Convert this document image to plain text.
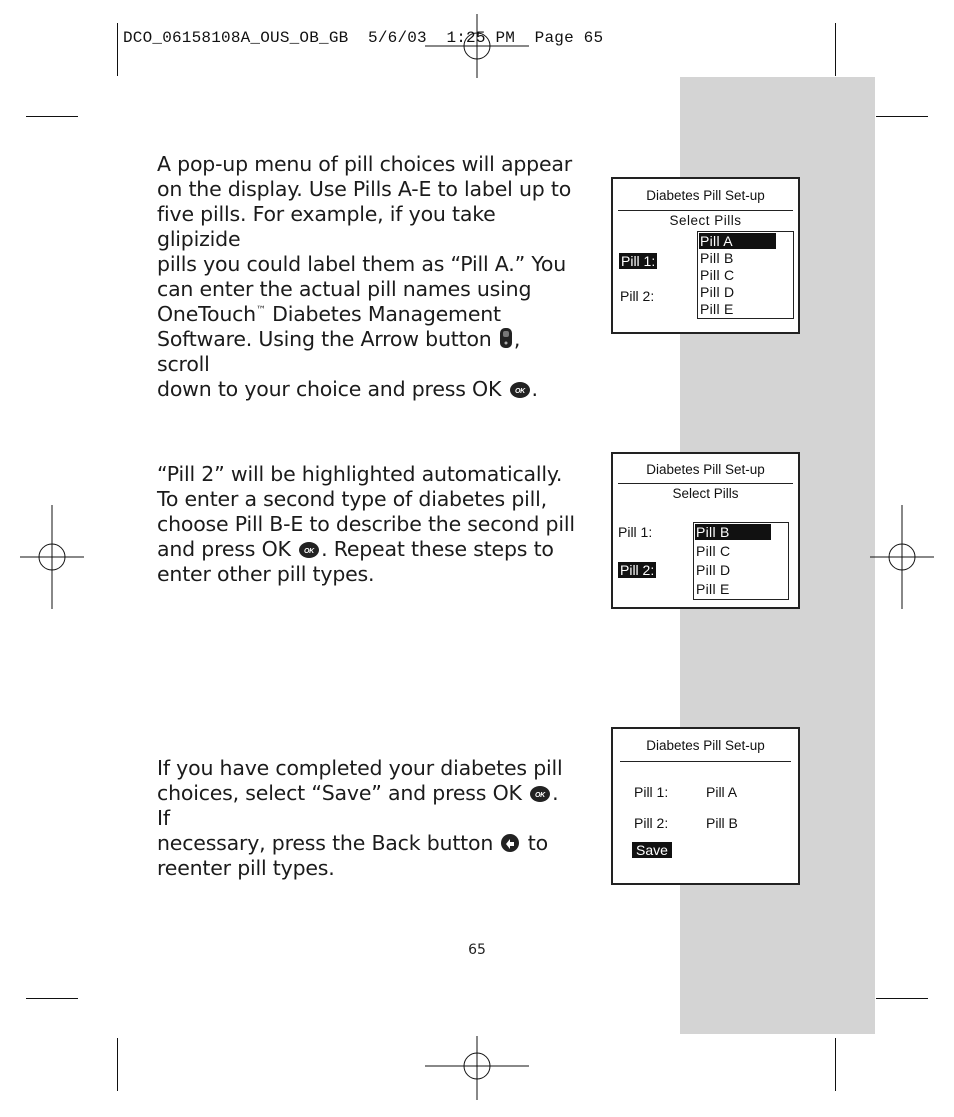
DCO_06158108A_OUS_OB_GB  5/6/03  1:25 PM  Page 65
A pop-up menu of pill choices will appear
on the display. Use Pills A-E to label up to
five pills. For example, if you take glipizide
pills you could label them as “Pill A.” You
can enter the actual pill names using
OneTouch™ Diabetes Management
Software. Using the Arrow button , scroll
down to your choice and press OK OK .
Diabetes Pill Set-up
Select Pills
Pill 1:
Pill 2:
Pill A
Pill B
Pill C
Pill D
Pill E
“Pill 2” will be highlighted automatically.
To enter a second type of diabetes pill,
choose Pill B-E to describe the second pill
and press OK OK . Repeat these steps to
enter other pill types.
Diabetes Pill Set-up
Select Pills
Pill 1:
Pill 2:
Pill B
Pill C
Pill D
Pill E
If you have completed your diabetes pill
choices, select “Save” and press OK OK . If
necessary, press the Back button  to
reenter pill types.
Diabetes Pill Set-up
Pill 1:	Pill A
Pill 2:	Pill B
Save
65
